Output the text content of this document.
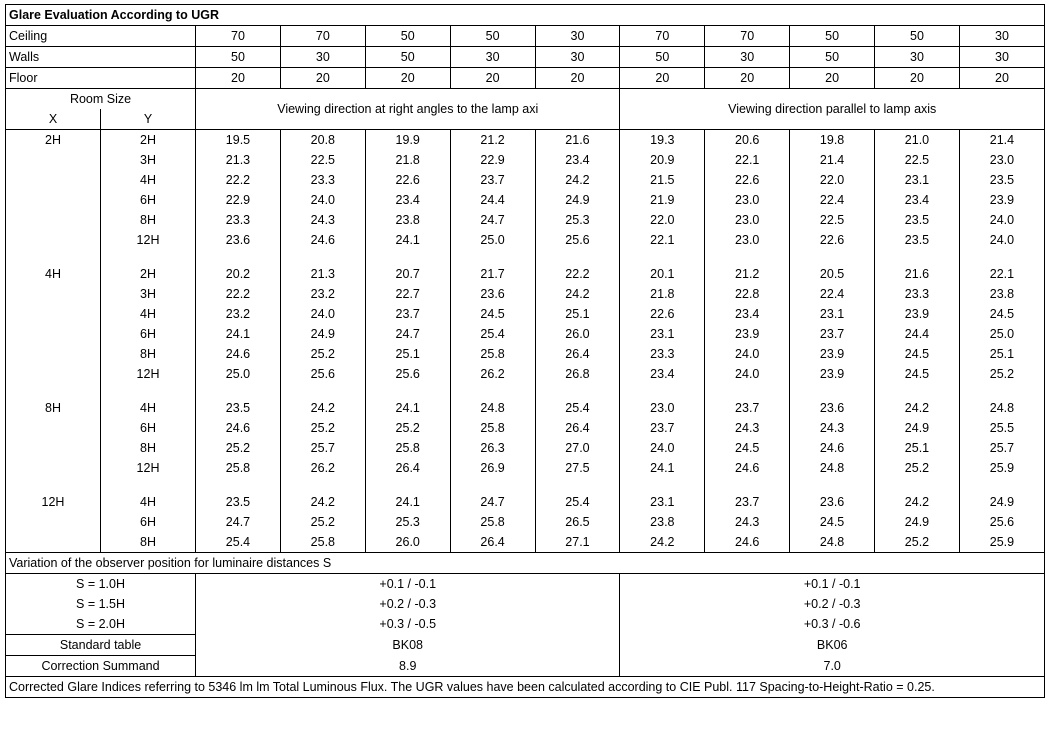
Glare Evaluation According to UGR											
Ceiling		70	70	50	50	30	70	70	50	50	30
Walls		50	30	50	30	30	50	30	50	30	30
Floor		20	20	20	20	20	20	20	20	20	20
Room Size		Viewing direction at right angles to the lamp axi					Viewing direction parallel to lamp axis				
X	Y										
2H	2H	19.5	20.8	19.9	21.2	21.6	19.3	20.6	19.8	21.0	21.4
	3H	21.3	22.5	21.8	22.9	23.4	20.9	22.1	21.4	22.5	23.0
	4H	22.2	23.3	22.6	23.7	24.2	21.5	22.6	22.0	23.1	23.5
	6H	22.9	24.0	23.4	24.4	24.9	21.9	23.0	22.4	23.4	23.9
	8H	23.3	24.3	23.8	24.7	25.3	22.0	23.0	22.5	23.5	24.0
	12H	23.6	24.6	24.1	25.0	25.6	22.1	23.0	22.6	23.5	24.0

4H	2H	20.2	21.3	20.7	21.7	22.2	20.1	21.2	20.5	21.6	22.1
	3H	22.2	23.2	22.7	23.6	24.2	21.8	22.8	22.4	23.3	23.8
	4H	23.2	24.0	23.7	24.5	25.1	22.6	23.4	23.1	23.9	24.5
	6H	24.1	24.9	24.7	25.4	26.0	23.1	23.9	23.7	24.4	25.0
	8H	24.6	25.2	25.1	25.8	26.4	23.3	24.0	23.9	24.5	25.1
	12H	25.0	25.6	25.6	26.2	26.8	23.4	24.0	23.9	24.5	25.2

8H	4H	23.5	24.2	24.1	24.8	25.4	23.0	23.7	23.6	24.2	24.8
	6H	24.6	25.2	25.2	25.8	26.4	23.7	24.3	24.3	24.9	25.5
	8H	25.2	25.7	25.8	26.3	27.0	24.0	24.5	24.6	25.1	25.7
	12H	25.8	26.2	26.4	26.9	27.5	24.1	24.6	24.8	25.2	25.9

12H	4H	23.5	24.2	24.1	24.7	25.4	23.1	23.7	23.6	24.2	24.9
	6H	24.7	25.2	25.3	25.8	26.5	23.8	24.3	24.5	24.9	25.6
	8H	25.4	25.8	26.0	26.4	27.1	24.2	24.6	24.8	25.2	25.9
Variation of the observer position for luminaire distances S											
S = 1.0H		+0.1 / -0.1					+0.1 / -0.1				
S = 1.5H		+0.2 / -0.3					+0.2 / -0.3				
S = 2.0H		+0.3 / -0.5					+0.3 / -0.6				
Standard table		BK08					BK06				
Correction Summand		8.9					7.0				
Corrected Glare Indices referring to 5346 lm lm Total Luminous Flux. The UGR values have been calculated according to CIE Publ. 117 Spacing-to-Height-Ratio = 0.25.											
